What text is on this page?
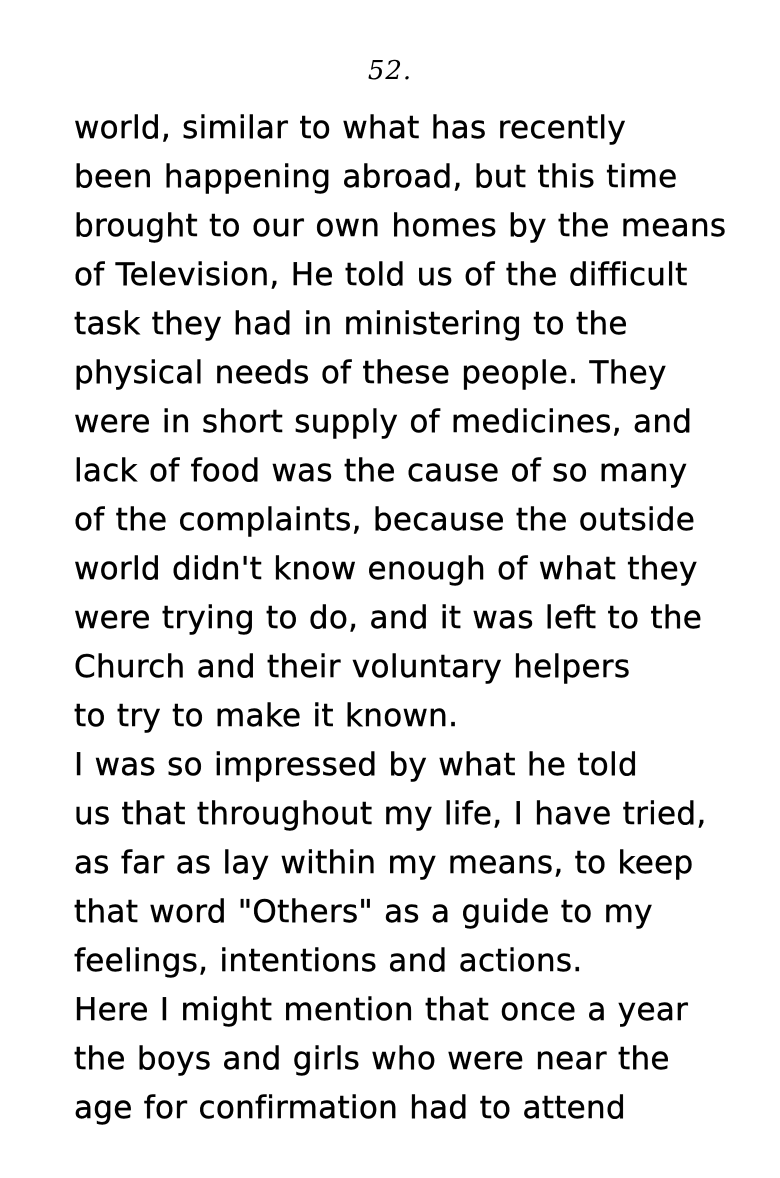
52.
world, similar to what has recently
been happening abroad, but this time
brought to our own homes by the means
of Television, He told us of the difficult
task they had in ministering to the
physical needs of these people. They
were in short supply of medicines, and
lack of food was the cause of so many
of the complaints, because the outside
world didn't know enough of what they
were trying to do, and it was left to the
Church and their voluntary helpers
to try to make it known.
I was so impressed by what he told
us that throughout my life, I have tried,
as far as lay within my means, to keep
that word "Others" as a guide to my
feelings, intentions and actions.
Here I might mention that once a year
the boys and girls who were near the
age for confirmation had to attend
